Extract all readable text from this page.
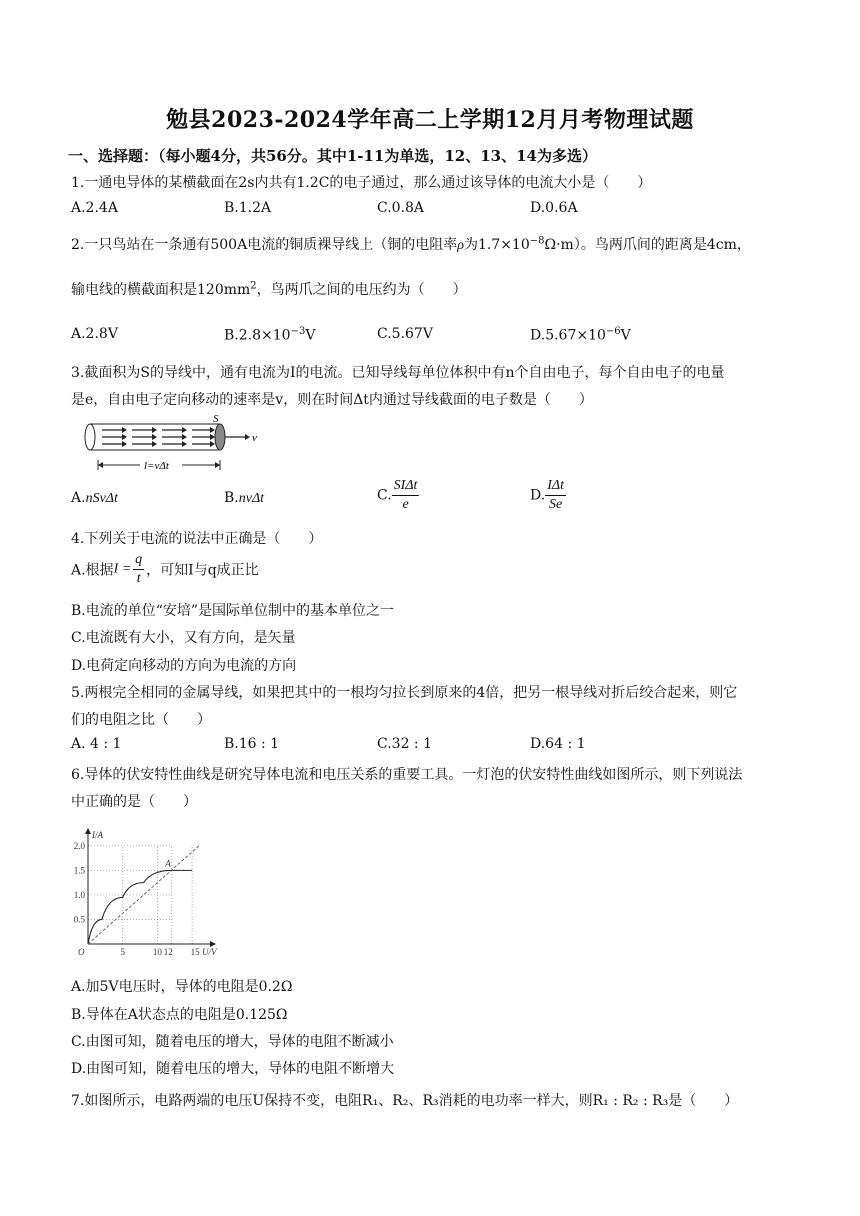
勉县2023-2024学年高二上学期12月月考物理试题
一、选择题：（每小题4分，共56分。其中1-11为单选，12、13、14为多选）
1.一通电导体的某横截面在2s内共有1.2C的电子通过，那么通过该导体的电流大小是（　　）
A.2.4A	B.1.2A	C.0.8A	D.0.6A
2.一只鸟站在一条通有500A电流的铜质裸导线上（铜的电阻率ρ为$1.7\times 10^{-8}\Omega\cdot m$）。鸟两爪间的距离是4cm，
输电线的横截面积是$120mm^2$，鸟两爪之间的电压约为（　　）
A.2.8V	$B.2.8\times 10^{-3}V$	C.5.67V	$D.5.67\times 10^{-6}V$
3.截面积为S的导线中，通有电流为I的电流。已知导线每单位体积中有n个自由电子，每个自由电子的电量
是e，自由电子定向移动的速率是v，则在时间Δt内通过导线截面的电子数是（　　）
S
v
l=vΔt
A.nSvΔt	B.nvΔt	C. $\frac{\text{SIΔt}}{e}$	D. $\frac{\text{IΔt}}{Se}$
4.下列关于电流的说法中正确是（　　）
A.根据$I = \frac{q}{t}$ ，可知I与q成正比
B.电流的单位“安培”是国际单位制中的基本单位之一
C.电流既有大小，又有方向，是矢量
D.电荷定向移动的方向为电流的方向
5.两根完全相同的金属导线，如果把其中的一根均匀拉长到原来的4倍，把另一根导线对折后绞合起来，则它
们的电阻之比（　　）
A. 4 : 1	B.16 : 1	C.32 : 1	D.64 : 1
6.导体的伏安特性曲线是研究导体电流和电压关系的重要工具。一灯泡的伏安特性曲线如图所示，则下列说法
中正确的是（　　）
0.5
1.0
1.5
2.0
5	10 12 15
O	U/V
I/A
A
A.加5V电压时，导体的电阻是0.2Ω
B.导体在A状态点的电阻是0.125Ω
C.由图可知，随着电压的增大，导体的电阻不断减小
D.由图可知，随着电压的增大，导体的电阻不断增大
7.如图所示，电路两端的电压U保持不变，电阻R₁、R₂、R₃消耗的电功率一样大，则R₁ : R₂ : R₃是（　　）
